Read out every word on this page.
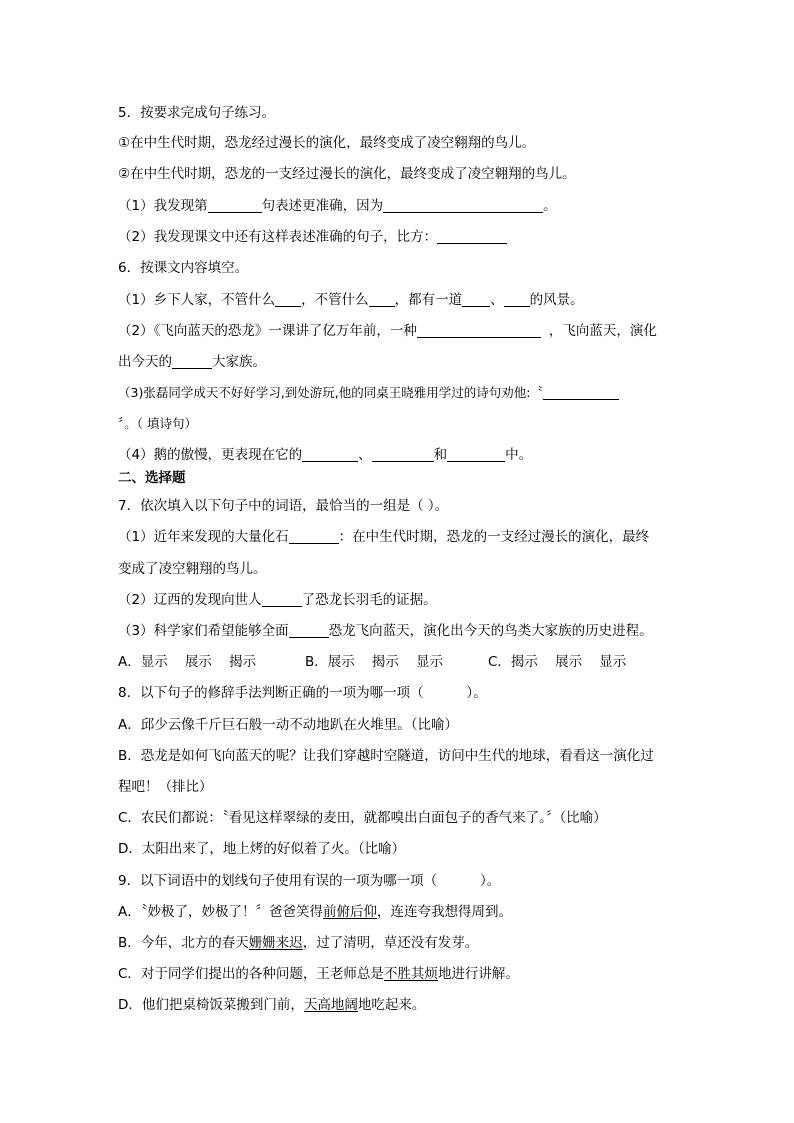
5．按要求完成句子练习。
①在中生代时期，恐龙经过漫长的演化，最终变成了凌空翱翔的鸟儿。
②在中生代时期，恐龙的一支经过漫长的演化，最终变成了凌空翱翔的鸟儿。
（1）我发现第	句表述更准确，因为	。
（2）我发现课文中还有这样表述准确的句子，比方：
6．按课文内容填空。
（1）乡下人家，不管什么 ，不管什么 ，都有一道 、 的风景。
（2）《飞向蓝天的恐龙》一课讲了亿万年前，一种	，飞向蓝天，演化
出今天的	大家族。
（3)张磊同学成天不好好学习,到处游玩,他的同桌王晓雅用学过的诗句劝他:〝
〞。（ 填诗句）
（4）鹅的傲慢，更表现在它的	、	和	中。
二、选择题
7．依次填入以下句子中的词语，最恰当的一组是（ ）。
（1）近年来发现的大量化石	：在中生代时期，恐龙的一支经过漫长的演化，最终
变成了凌空翱翔的鸟儿。
（2）辽西的发现向世人	了恐龙长羽毛的证据。
（3）科学家们希望能够全面	恐龙飞向蓝天，演化出今天的鸟类大家族的历史进程。
A．显示    展示    揭示	B．展示    揭示    显示	C．揭示    展示    显示
8．以下句子的修辞手法判断正确的一项为哪一项（          ）。
A．邱少云像千斤巨石般一动不动地趴在火堆里。（比喻）
B．恐龙是如何飞向蓝天的呢？让我们穿越时空隧道，访问中生代的地球，看看这一演化过
程吧！（排比）
C．农民们都说：〝看见这样翠绿的麦田，就都嗅出白面包子的香气来了。〞（比喻）
D．太阳出来了，地上烤的好似着了火。（比喻）
9．以下词语中的划线句子使用有误的一项为哪一项（          ）。
A．〝妙极了，妙极了！〞爸爸笑得前俯后仰，连连夸我想得周到。
B．今年，北方的春天姗姗来迟，过了清明，草还没有发芽。
C．对于同学们提出的各种问题，王老师总是不胜其烦地进行讲解。
D．他们把桌椅饭菜搬到门前，天高地阔地吃起来。
